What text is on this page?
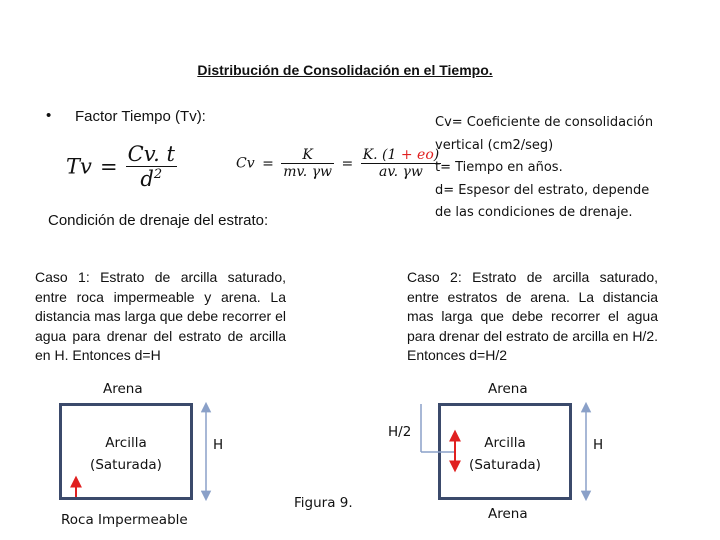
Distribución de Consolidación en el Tiempo.
• Factor Tiempo (Tv):	Cv= Coeficiente de consolidación
vertical (cm2/seg)
t= Tiempo en años.
d= Espesor del estrato, depende
de las condiciones de drenaje.
$Tv = \frac{Cv. t}{d^2}$	$Cv = \frac{K}{mv. \gamma w} = \frac{K. (1 + eo)}{av. \gamma w}$
Condición de drenaje del estrato:
Caso 1: Estrato de arcilla saturado, entre roca impermeable y arena. La distancia mas larga que debe recorrer el agua para drenar del estrato de arcilla en H. Entonces d=H
Caso 2: Estrato de arcilla saturado, entre estratos de arena. La distancia mas larga que debe recorrer el agua para drenar del estrato de arcilla en H/2. Entonces d=H/2
Arena
Arcilla
(Saturada)
H
Roca Impermeable
Arena
Arcilla
(Saturada)
H
H/2
Arena
Figura 9.
